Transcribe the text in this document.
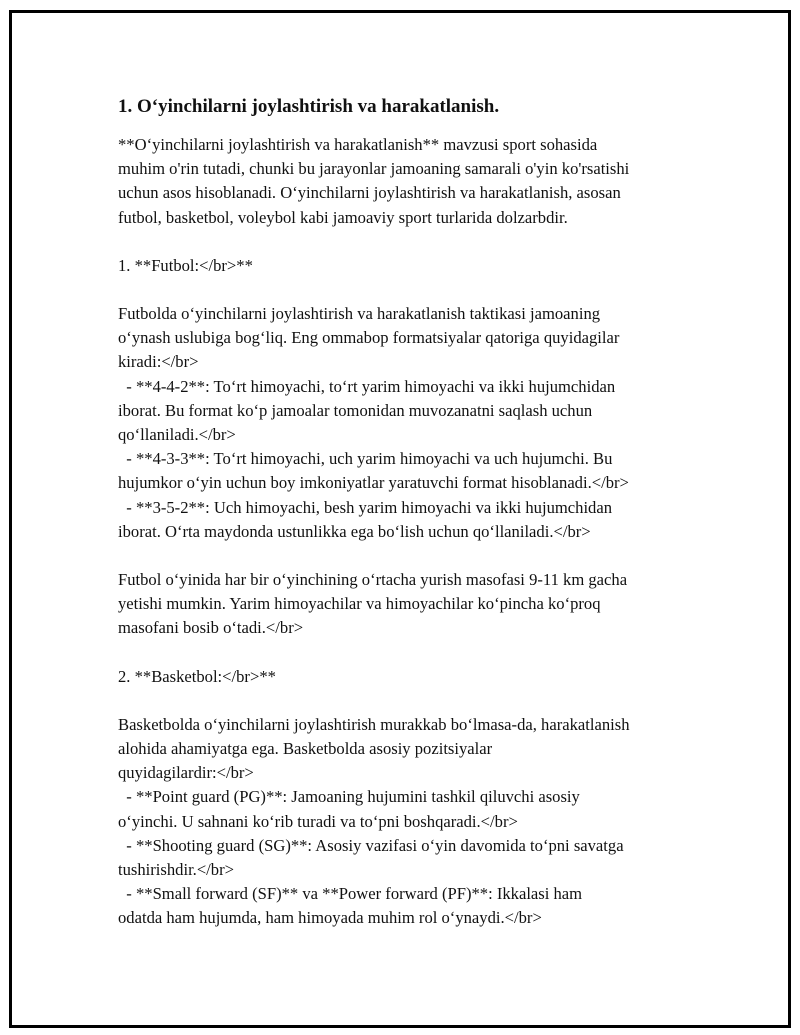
1. O‘yinchilarni joylashtirish va harakatlanish.
**O‘yinchilarni joylashtirish va harakatlanish** mavzusi sport sohasida
muhim o'rin tutadi, chunki bu jarayonlar jamoaning samarali o'yin ko'rsatishi
uchun asos hisoblanadi. O‘yinchilarni joylashtirish va harakatlanish, asosan
futbol, basketbol, voleybol kabi jamoaviy sport turlarida dolzarbdir.
1. **Futbol:</br>**
Futbolda o‘yinchilarni joylashtirish va harakatlanish taktikasi jamoaning
o‘ynash uslubiga bog‘liq. Eng ommabop formatsiyalar qatoriga quyidagilar
kiradi:</br>
- **4-4-2**: To‘rt himoyachi, to‘rt yarim himoyachi va ikki hujumchidan
iborat. Bu format ko‘p jamoalar tomonidan muvozanatni saqlash uchun
qo‘llaniladi.</br>
- **4-3-3**: To‘rt himoyachi, uch yarim himoyachi va uch hujumchi. Bu
hujumkor o‘yin uchun boy imkoniyatlar yaratuvchi format hisoblanadi.</br>
- **3-5-2**: Uch himoyachi, besh yarim himoyachi va ikki hujumchidan
iborat. O‘rta maydonda ustunlikka ega bo‘lish uchun qo‘llaniladi.</br>
Futbol o‘yinida har bir o‘yinchining o‘rtacha yurish masofasi 9-11 km gacha
yetishi mumkin. Yarim himoyachilar va himoyachilar ko‘pincha ko‘proq
masofani bosib o‘tadi.</br>
2. **Basketbol:</br>**
Basketbolda o‘yinchilarni joylashtirish murakkab bo‘lmasa-da, harakatlanish
alohida ahamiyatga ega. Basketbolda asosiy pozitsiyalar
quyidagilardir:</br>
- **Point guard (PG)**: Jamoaning hujumini tashkil qiluvchi asosiy
o‘yinchi. U sahnani ko‘rib turadi va to‘pni boshqaradi.</br>
- **Shooting guard (SG)**: Asosiy vazifasi o‘yin davomida to‘pni savatga
tushirishdir.</br>
- **Small forward (SF)** va **Power forward (PF)**: Ikkalasi ham
odatda ham hujumda, ham himoyada muhim rol o‘ynaydi.</br>
